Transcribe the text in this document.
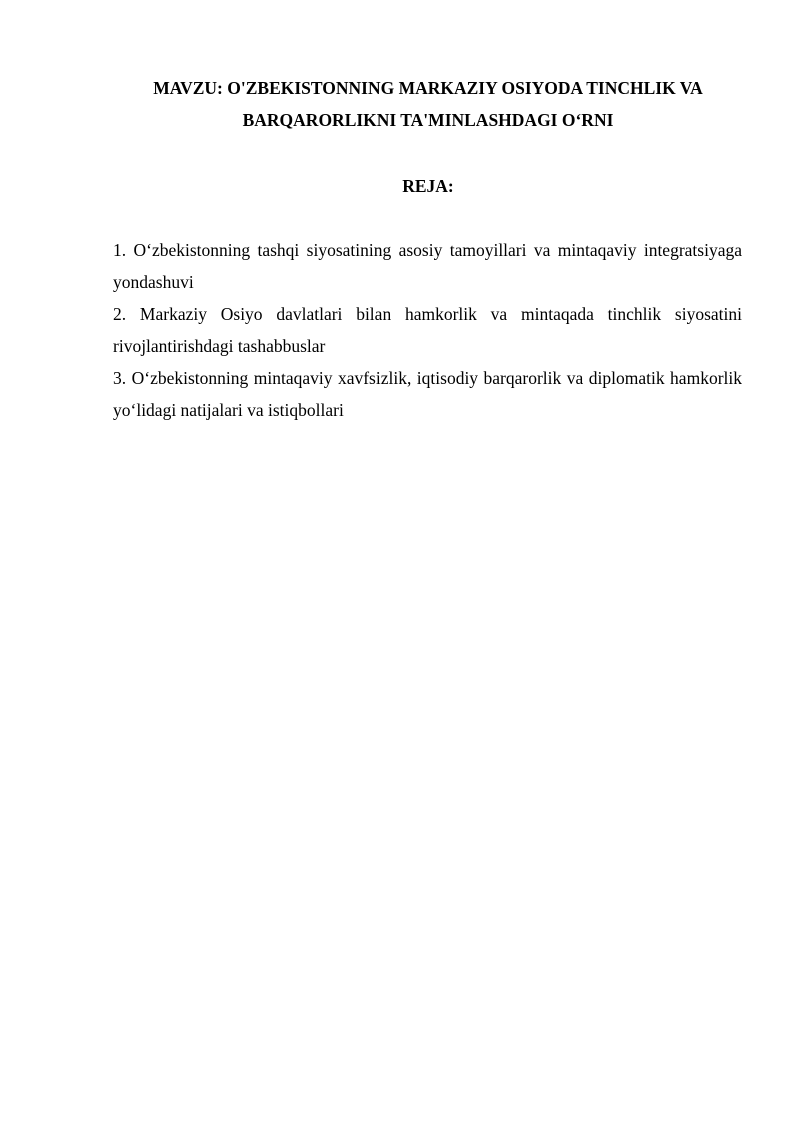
MAVZU: O'ZBEKISTONNING MARKAZIY OSIYODA TINCHLIK VA BARQARORLIKNI TA'MINLASHDAGI O‘RNI
REJA:
1. O‘zbekistonning tashqi siyosatining asosiy tamoyillari va mintaqaviy integratsiyaga yondashuvi
2. Markaziy Osiyo davlatlari bilan hamkorlik va mintaqada tinchlik siyosatini rivojlantirishdagi tashabbuslar
3. O‘zbekistonning mintaqaviy xavfsizlik, iqtisodiy barqarorlik va diplomatik hamkorlik yo‘lidagi natijalari va istiqbollari
